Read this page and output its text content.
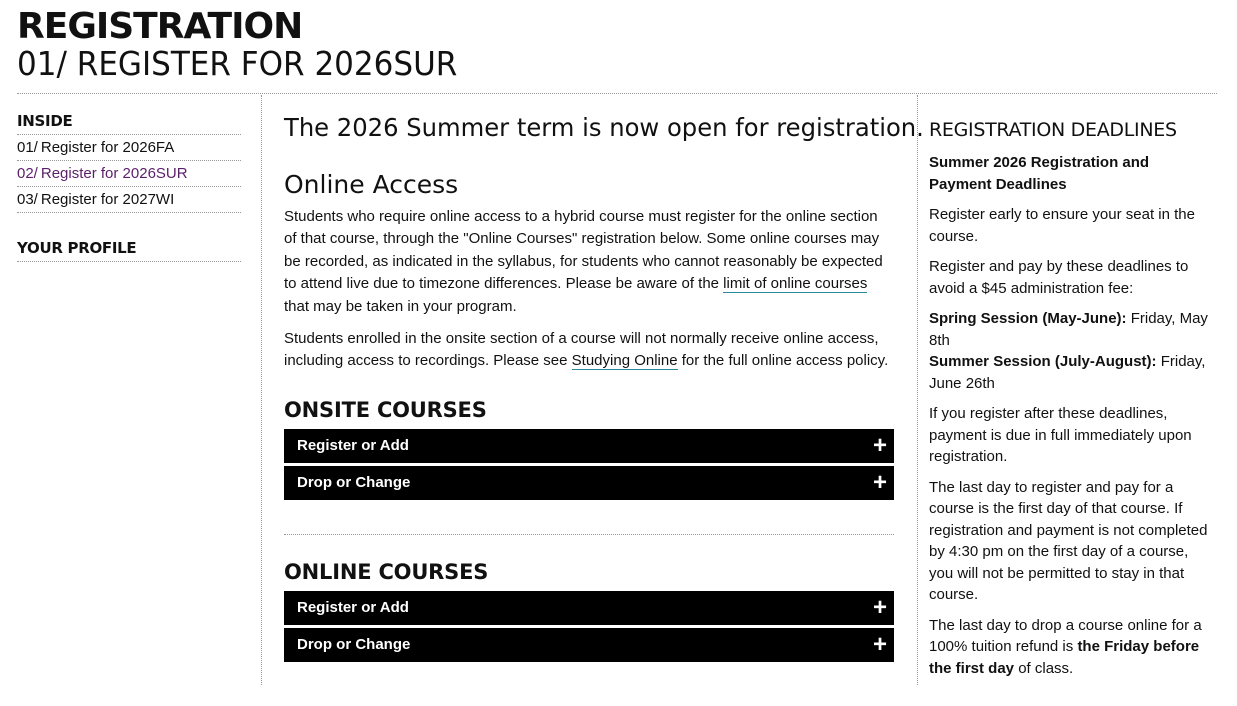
REGISTRATION
01/ REGISTER FOR 2026SUR
INSIDE
01/ Register for 2026FA
02/ Register for 2026SUR
03/ Register for 2027WI
YOUR PROFILE
The 2026 Summer term is now open for registration.
Online Access

Students who require online access to a hybrid course must register for the online section of that course, through the "Online Courses" registration below. Some online courses may be recorded, as indicated in the syllabus, for students who cannot reasonably be expected to attend live due to timezone differences. Please be aware of the limit of online courses that may be taken in your program.

Students enrolled in the onsite section of a course will not normally receive online access, including access to recordings. Please see Studying Online for the full online access policy.

ONSITE COURSES
Register or Add	+
Drop or Change	+
ONLINE COURSES
Register or Add	+
Drop or Change	+
REGISTRATION DEADLINES

Summer 2026 Registration and Payment Deadlines

Register early to ensure your seat in the course.

Register and pay by these deadlines to avoid a $45 administration fee:

Spring Session (May-June): Friday, May 8th

Summer Session (July-August): Friday, June 26th

If you register after these deadlines, payment is due in full immediately upon registration.

The last day to register and pay for a course is the first day of that course. If registration and payment is not completed by 4:30 pm on the first day of a course, you will not be permitted to stay in that course.

The last day to drop a course online for a 100% tuition refund is the Friday before the first day of class.
